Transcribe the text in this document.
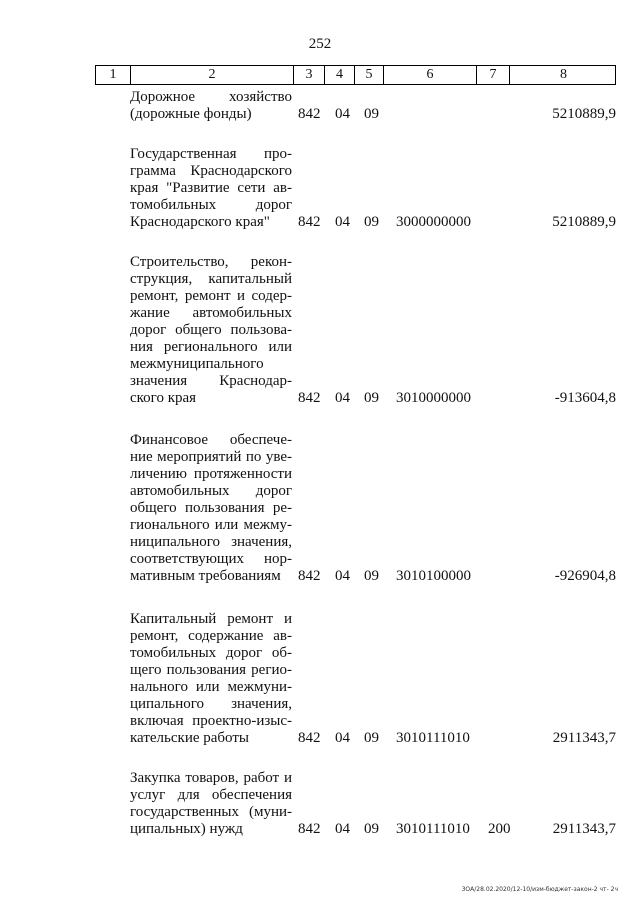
252
1	2	3	4	5	6	7	8
Дорожное хозяйство
(дорожные фонды)	842 04 09	5210889,9
Государственная про-
грамма Краснодарского
края "Развитие сети ав-
томобильных дорог
Краснодарского края"	842 04 09 3000000000	5210889,9
Строительство, рекон-
струкция, капитальный
ремонт, ремонт и содер-
жание автомобильных
дорог общего пользова-
ния регионального или
межмуниципального
значения Краснодар-
ского края	842 04 09 3010000000	-913604,8
Финансовое обеспече-
ние мероприятий по уве-
личению протяженности
автомобильных дорог
общего пользования ре-
гионального или межму-
ниципального значения,
соответствующих нор-
мативным требованиям	842 04 09 3010100000	-926904,8
Капитальный ремонт и
ремонт, содержание ав-
томобильных дорог об-
щего пользования регио-
нального или межмуни-
ципального значения,
включая проектно-изыс-
кательские работы	842 04 09 3010111010	2911343,7
Закупка товаров, работ и
услуг для обеспечения
государственных (муни-
ципальных) нужд	842 04 09 3010111010 200	2911343,7
ЗОА/28.02.2020/12-10/изм-бюджет-закон-2 чт- 2ч
